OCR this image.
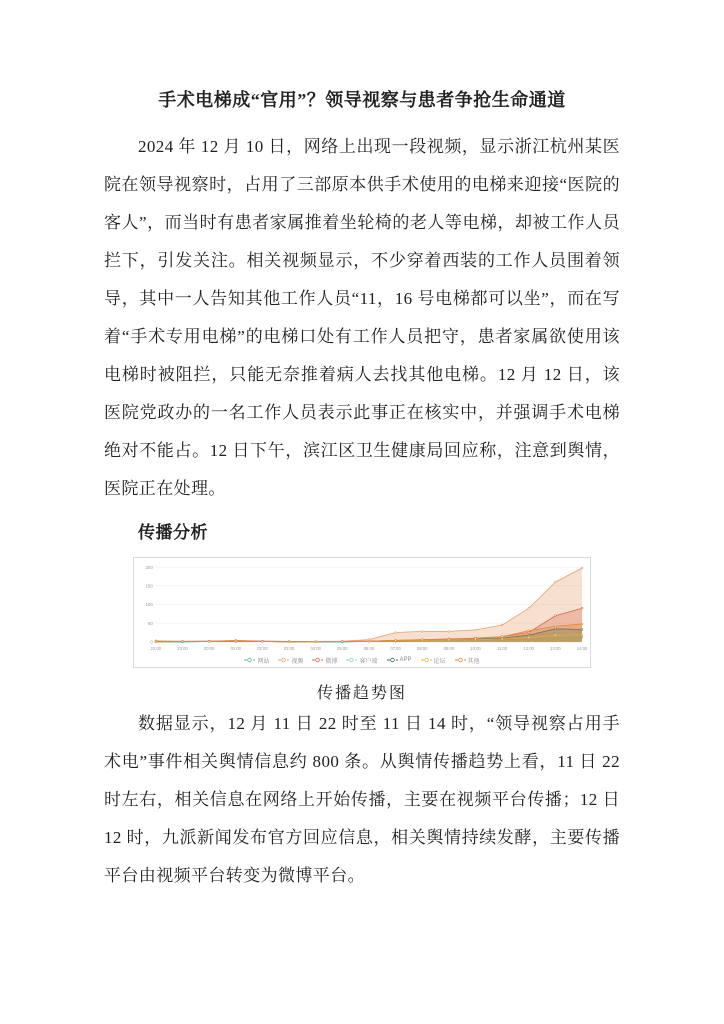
手术电梯成“官用”？领导视察与患者争抢生命通道

2024 年 12 月 10 日，网络上出现一段视频，显示浙江杭州某医院在领导视察时，占用了三部原本供手术使用的电梯来迎接“医院的客人”，而当时有患者家属推着坐轮椅的老人等电梯，却被工作人员拦下，引发关注。相关视频显示，不少穿着西装的工作人员围着领导，其中一人告知其他工作人员“11，16 号电梯都可以坐”，而在写着“手术专用电梯”的电梯口处有工作人员把守，患者家属欲使用该电梯时被阻拦，只能无奈推着病人去找其他电梯。12 月 12 日，该医院党政办的一名工作人员表示此事正在核实中，并强调手术电梯绝对不能占。12 日下午，滨江区卫生健康局回应称，注意到舆情，医院正在处理。

传播分析
0
50
100
150
200
22:00	23:00	00:00	01:00	02:00	03:00	04:00	05:00	06:00	07:00	08:00	09:00	10:00	11:00	12:00	13:00	14:00
网站	视频	微博	客户端	APP	论坛	其他
传播趋势图

数据显示，12 月 11 日 22 时至 11 日 14 时，“领导视察占用手术电”事件相关舆情信息约 800 条。从舆情传播趋势上看，11 日 22 时左右，相关信息在网络上开始传播，主要在视频平台传播；12 日 12 时，九派新闻发布官方回应信息，相关舆情持续发酵，主要传播平台由视频平台转变为微博平台。
